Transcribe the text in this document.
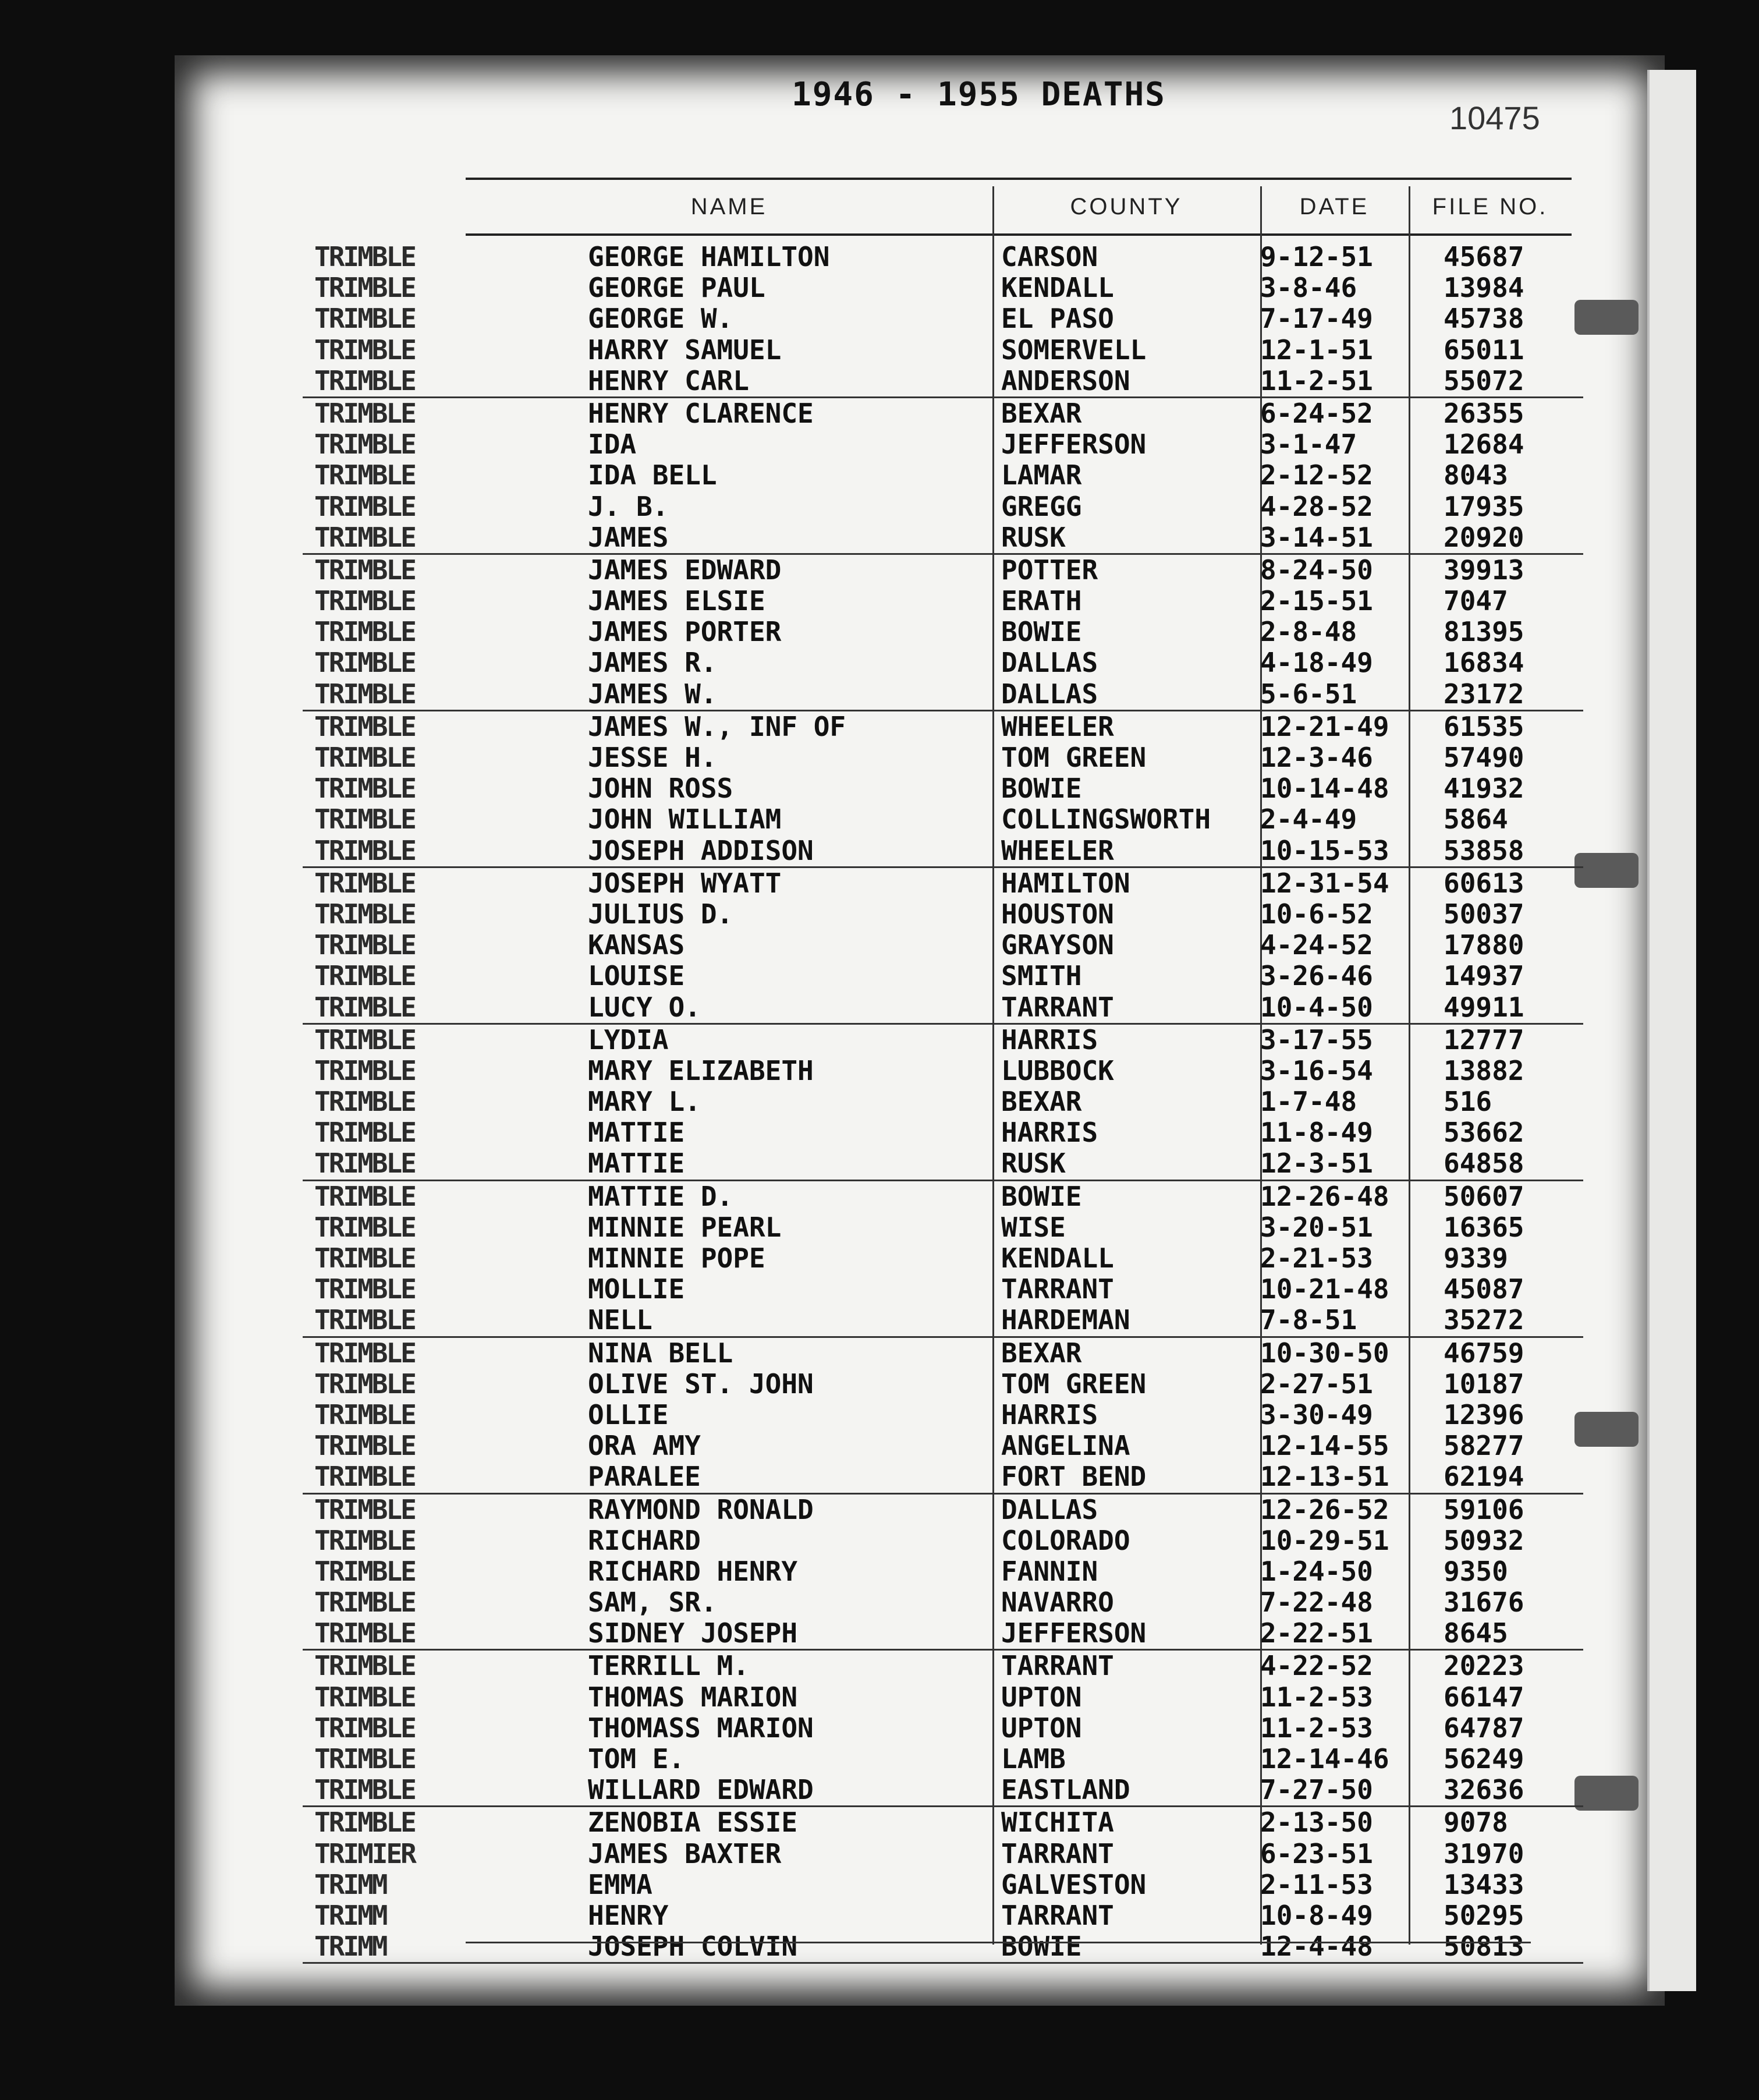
1946 - 1955 DEATHS
10475
NAME	COUNTY	DATE	FILE NO.
TRIMBLE	GEORGE HAMILTON	CARSON	9-12-51	45687
TRIMBLE	GEORGE PAUL	KENDALL	3-8-46	13984
TRIMBLE	GEORGE W.	EL PASO	7-17-49	45738
TRIMBLE	HARRY SAMUEL	SOMERVELL	12-1-51	65011
TRIMBLE	HENRY CARL	ANDERSON	11-2-51	55072
TRIMBLE	HENRY CLARENCE	BEXAR	6-24-52	26355
TRIMBLE	IDA	JEFFERSON	3-1-47	12684
TRIMBLE	IDA BELL	LAMAR	2-12-52	8043
TRIMBLE	J. B.	GREGG	4-28-52	17935
TRIMBLE	JAMES	RUSK	3-14-51	20920
TRIMBLE	JAMES EDWARD	POTTER	8-24-50	39913
TRIMBLE	JAMES ELSIE	ERATH	2-15-51	7047
TRIMBLE	JAMES PORTER	BOWIE	2-8-48	81395
TRIMBLE	JAMES R.	DALLAS	4-18-49	16834
TRIMBLE	JAMES W.	DALLAS	5-6-51	23172
TRIMBLE	JAMES W., INF OF	WHEELER	12-21-49 61535
TRIMBLE	JESSE H.	TOM GREEN	12-3-46	57490
TRIMBLE	JOHN ROSS	BOWIE	10-14-48 41932
TRIMBLE	JOHN WILLIAM	COLLINGSWORTH 2-4-49	5864
TRIMBLE	JOSEPH ADDISON	WHEELER	10-15-53 53858
TRIMBLE	JOSEPH WYATT	HAMILTON	12-31-54 60613
TRIMBLE	JULIUS D.	HOUSTON	10-6-52	50037
TRIMBLE	KANSAS	GRAYSON	4-24-52	17880
TRIMBLE	LOUISE	SMITH	3-26-46	14937
TRIMBLE	LUCY O.	TARRANT	10-4-50	49911
TRIMBLE	LYDIA	HARRIS	3-17-55	12777
TRIMBLE	MARY ELIZABETH	LUBBOCK	3-16-54	13882
TRIMBLE	MARY L.	BEXAR	1-7-48	516
TRIMBLE	MATTIE	HARRIS	11-8-49	53662
TRIMBLE	MATTIE	RUSK	12-3-51	64858
TRIMBLE	MATTIE D.	BOWIE	12-26-48 50607
TRIMBLE	MINNIE PEARL	WISE	3-20-51	16365
TRIMBLE	MINNIE POPE	KENDALL	2-21-53	9339
TRIMBLE	MOLLIE	TARRANT	10-21-48 45087
TRIMBLE	NELL	HARDEMAN	7-8-51	35272
TRIMBLE	NINA BELL	BEXAR	10-30-50 46759
TRIMBLE	OLIVE ST. JOHN	TOM GREEN	2-27-51	10187
TRIMBLE	OLLIE	HARRIS	3-30-49	12396
TRIMBLE	ORA AMY	ANGELINA	12-14-55 58277
TRIMBLE	PARALEE	FORT BEND	12-13-51 62194
TRIMBLE	RAYMOND RONALD	DALLAS	12-26-52 59106
TRIMBLE	RICHARD	COLORADO	10-29-51 50932
TRIMBLE	RICHARD HENRY	FANNIN	1-24-50	9350
TRIMBLE	SAM, SR.	NAVARRO	7-22-48	31676
TRIMBLE	SIDNEY JOSEPH	JEFFERSON	2-22-51	8645
TRIMBLE	TERRILL M.	TARRANT	4-22-52	20223
TRIMBLE	THOMAS MARION	UPTON	11-2-53	66147
TRIMBLE	THOMASS MARION	UPTON	11-2-53	64787
TRIMBLE	TOM E.	LAMB	12-14-46 56249
TRIMBLE	WILLARD EDWARD	EASTLAND	7-27-50	32636
TRIMBLE	ZENOBIA ESSIE	WICHITA	2-13-50	9078
TRIMIER	JAMES BAXTER	TARRANT	6-23-51	31970
TRIMM	EMMA	GALVESTON	2-11-53	13433
TRIMM	HENRY	TARRANT	10-8-49	50295
TRIMM	JOSEPH COLVIN	BOWIE	12-4-48	50813
